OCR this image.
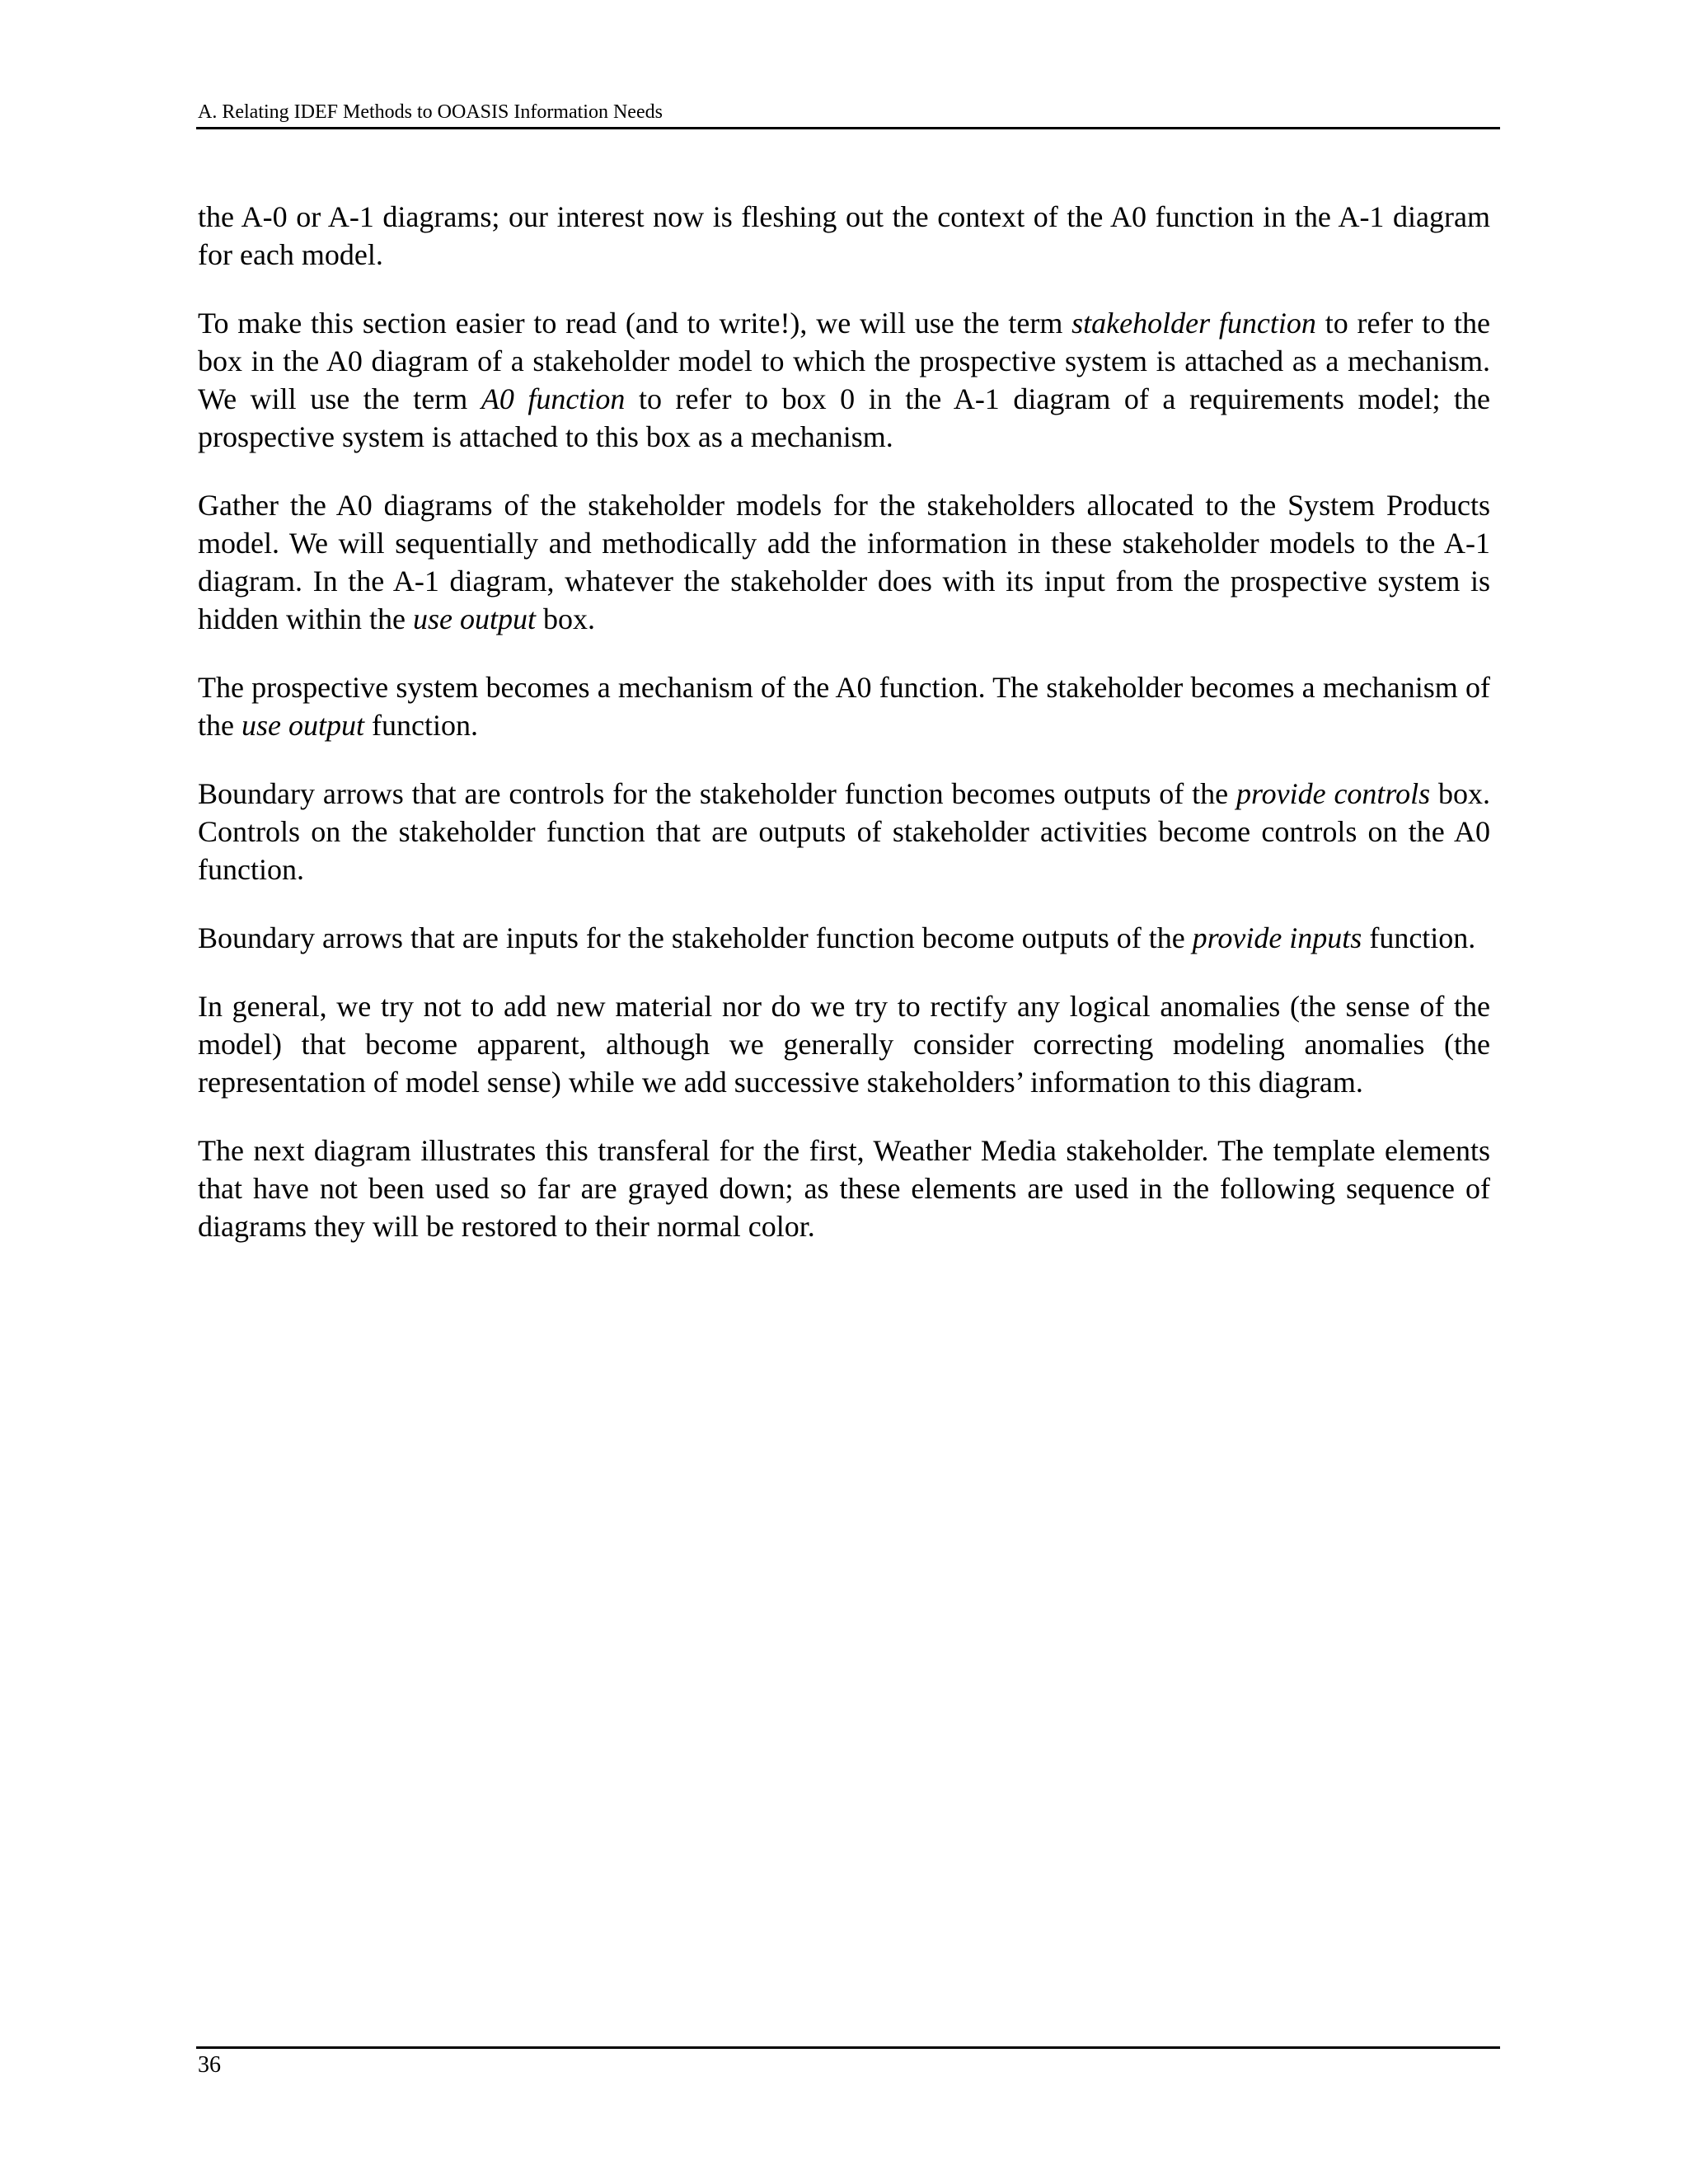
A. Relating IDEF Methods to OOASIS Information Needs

the A-0 or A-1 diagrams; our interest now is fleshing out the context of the A0 function in the A-1 diagram for each model.

To make this section easier to read (and to write!), we will use the term stakeholder function to refer to the box in the A0 diagram of a stakeholder model to which the prospective system is attached as a mechanism. We will use the term A0 function to refer to box 0 in the A-1 diagram of a requirements model; the prospective system is attached to this box as a mechanism.

Gather the A0 diagrams of the stakeholder models for the stakeholders allocated to the System Products model. We will sequentially and methodically add the information in these stakeholder models to the A-1 diagram. In the A-1 diagram, whatever the stakeholder does with its input from the prospective system is hidden within the use output box.

The prospective system becomes a mechanism of the A0 function. The stakeholder becomes a mechanism of the use output function.

Boundary arrows that are controls for the stakeholder function becomes outputs of the provide controls box. Controls on the stakeholder function that are outputs of stakeholder activities become controls on the A0 function.

Boundary arrows that are inputs for the stakeholder function become outputs of the provide inputs function.

In general, we try not to add new material nor do we try to rectify any logical anomalies (the sense of the model) that become apparent, although we generally consider correcting modeling anomalies (the representation of model sense) while we add successive stakeholders’ information to this diagram.

The next diagram illustrates this transferal for the first, Weather Media stakeholder. The template elements that have not been used so far are grayed down; as these elements are used in the following sequence of diagrams they will be restored to their normal color.

36
